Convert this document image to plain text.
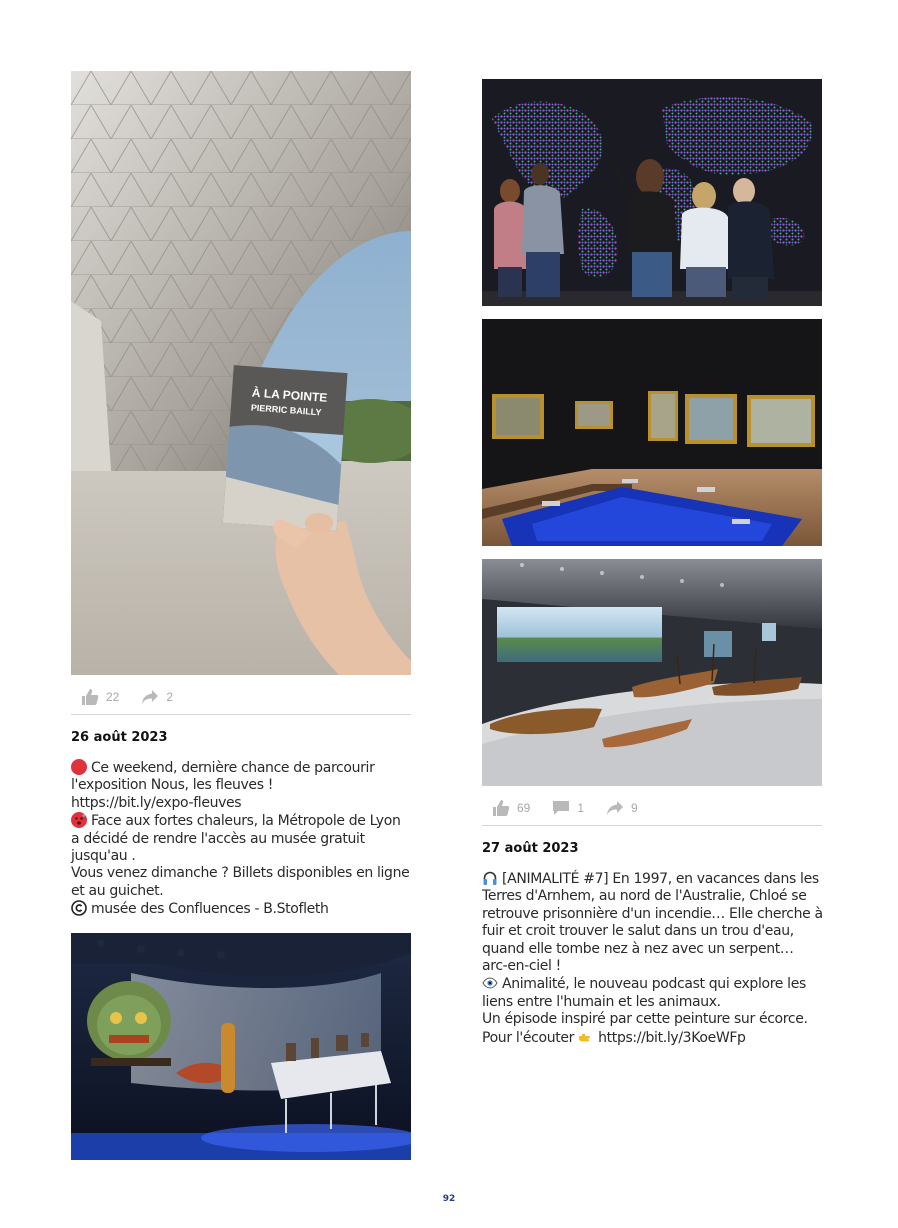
À LA POINTE
PIERRIC BAILLY
22	2
26 août 2023
Ce weekend, dernière chance de parcourir
l'exposition Nous, les fleuves !
https://bit.ly/expo-fleuves
Face aux fortes chaleurs, la Métropole de Lyon
a décidé de rendre l'accès au musée gratuit
jusqu'au .
Vous venez dimanche ? Billets disponibles en ligne
et au guichet.
musée des Confluences - B.Stofleth
69	1	9
27 août 2023
[ANIMALITÉ #7] En 1997, en vacances dans les
Terres d'Arnhem, au nord de l'Australie, Chloé se
retrouve prisonnière d'un incendie… Elle cherche à
fuir et croit trouver le salut dans un trou d'eau,
quand elle tombe nez à nez avec un serpent…
arc-en-ciel !
Animalité, le nouveau podcast qui explore les
liens entre l'humain et les animaux.
Un épisode inspiré par cette peinture sur écorce.
Pour l'écouter https://bit.ly/3KoeWFp
92
